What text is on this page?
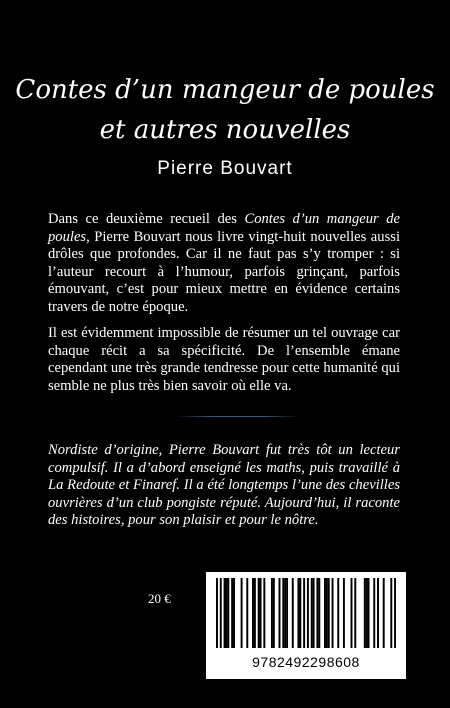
Contes d’un mangeur de poules
et autres nouvelles
Pierre Bouvart

Dans ce deuxième recueil des Contes d’un mangeur de poules, Pierre Bouvart nous livre vingt-huit nouvelles aussi drôles que profondes. Car il ne faut pas s’y tromper : si l’auteur recourt à l’humour, parfois grinçant, parfois émouvant, c’est pour mieux mettre en évidence certains travers de notre époque.

Il est évidemment impossible de résumer un tel ouvrage car chaque récit a sa spécificité. De l’ensemble émane cependant une très grande tendresse pour cette humanité qui semble ne plus très bien savoir où elle va.

Nordiste d’origine, Pierre Bouvart fut très tôt un lecteur compulsif. Il a d’abord enseigné les maths, puis travaillé à La Redoute et Finaref. Il a été longtemps l’une des chevilles ouvrières d’un club pongiste réputé. Aujourd’hui, il raconte des histoires, pour son plaisir et pour le nôtre.

20 €
9782492298608
